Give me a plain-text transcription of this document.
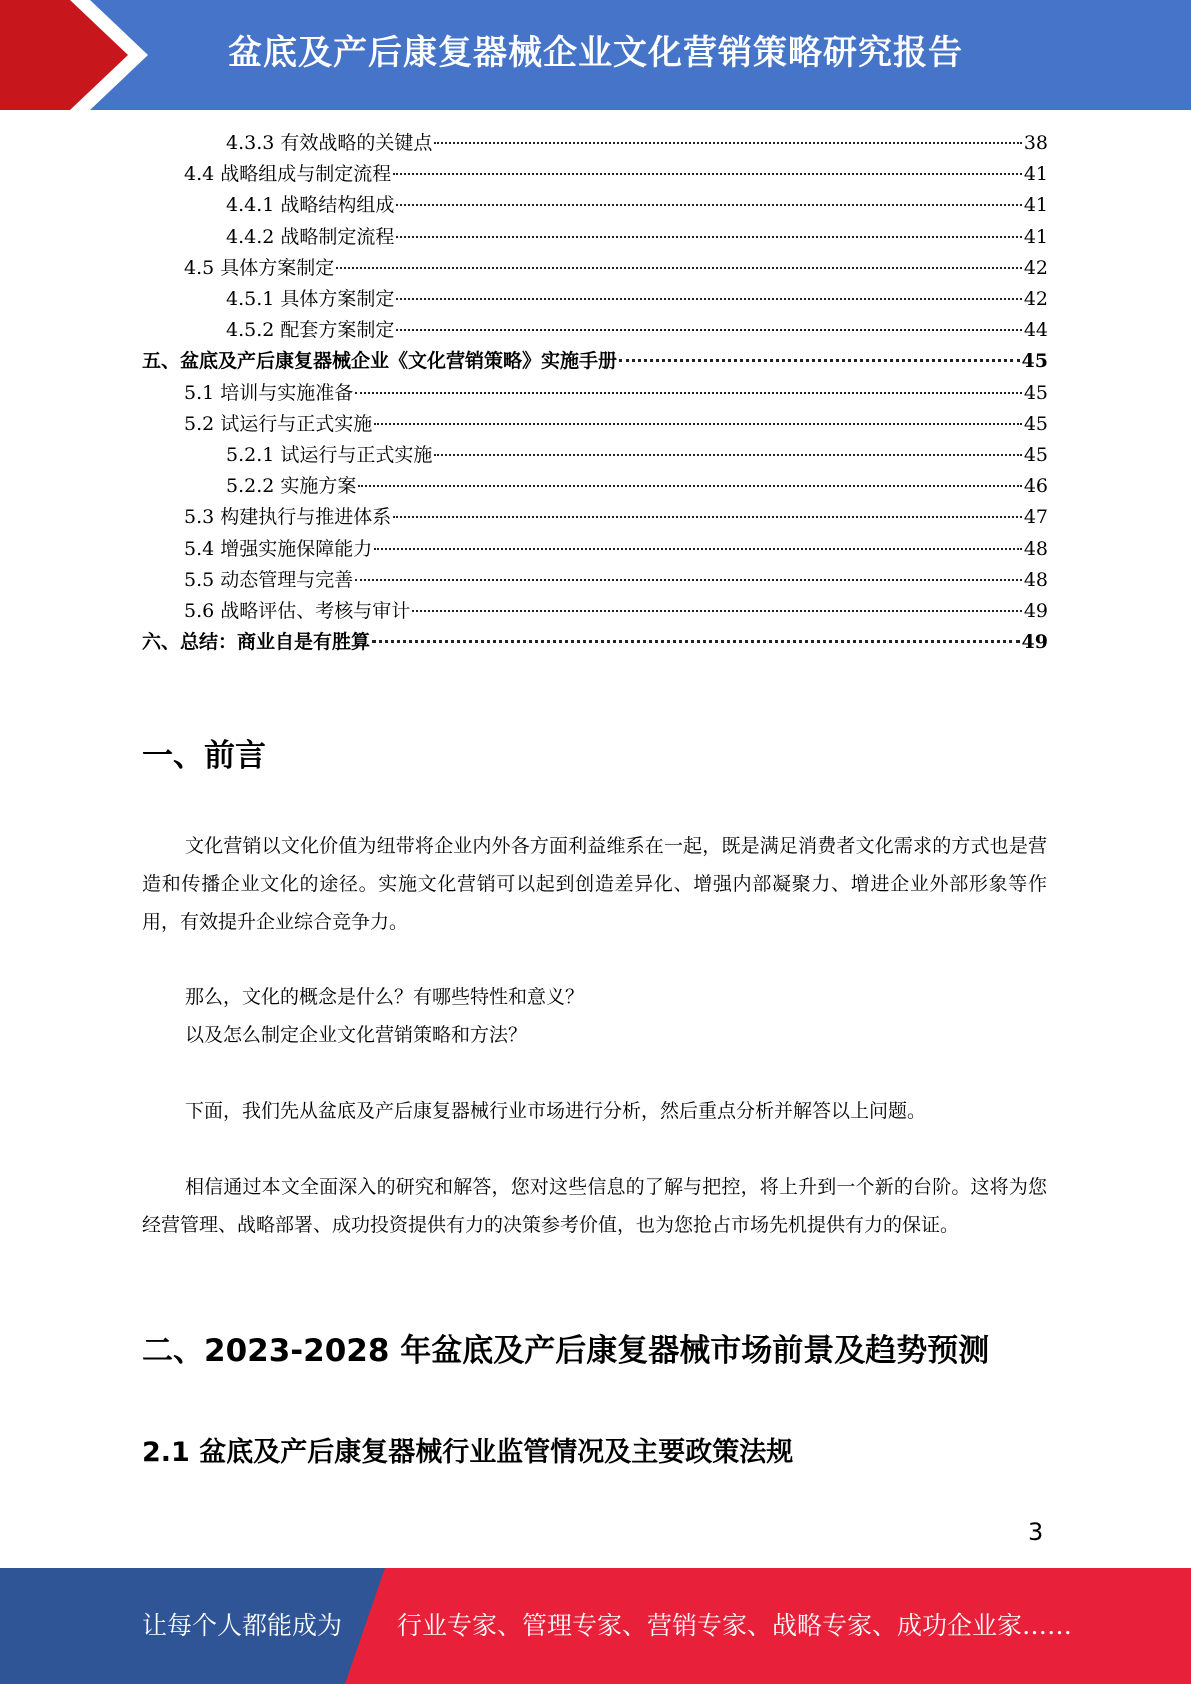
盆底及产后康复器械企业文化营销策略研究报告
4.3.3 有效战略的关键点	38
4.4 战略组成与制定流程	41
4.4.1 战略结构组成	41
4.4.2 战略制定流程	41
4.5 具体方案制定	42
4.5.1 具体方案制定	42
4.5.2 配套方案制定	44
五、盆底及产后康复器械企业《文化营销策略》实施手册	45
5.1 培训与实施准备	45
5.2 试运行与正式实施	45
5.2.1 试运行与正式实施	45
5.2.2 实施方案	46
5.3 构建执行与推进体系	47
5.4 增强实施保障能力	48
5.5 动态管理与完善	48
5.6 战略评估、考核与审计	49
六、总结：商业自是有胜算	49
一、前言
文化营销以文化价值为纽带将企业内外各方面利益维系在一起，既是满足消费者文化需求的方式也是营造和传播企业文化的途径。实施文化营销可以起到创造差异化、增强内部凝聚力、增进企业外部形象等作用，有效提升企业综合竞争力。
那么，文化的概念是什么？有哪些特性和意义？
以及怎么制定企业文化营销策略和方法？
下面，我们先从盆底及产后康复器械行业市场进行分析，然后重点分析并解答以上问题。
相信通过本文全面深入的研究和解答，您对这些信息的了解与把控，将上升到一个新的台阶。这将为您经营管理、战略部署、成功投资提供有力的决策参考价值，也为您抢占市场先机提供有力的保证。
二、2023-2028 年盆底及产后康复器械市场前景及趋势预测
2.1 盆底及产后康复器械行业监管情况及主要政策法规
3
让每个人都能成为 行业专家、管理专家、营销专家、战略专家、成功企业家……
